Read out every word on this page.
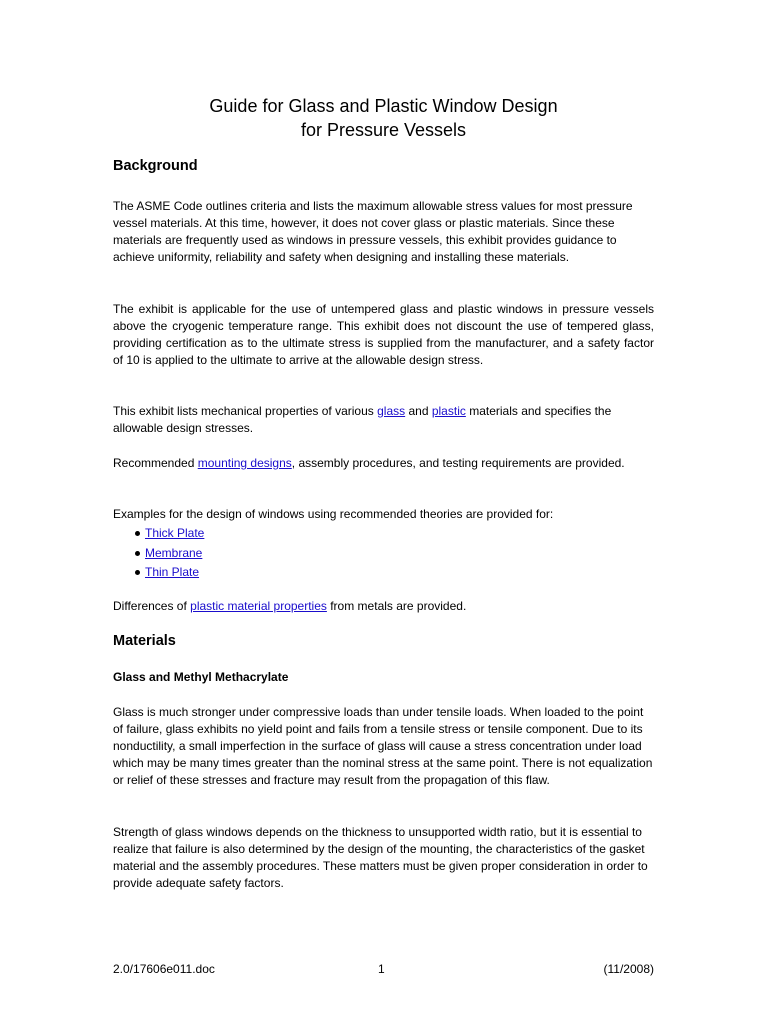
Guide for Glass and Plastic Window Design
for Pressure Vessels
Background

The ASME Code outlines criteria and lists the maximum allowable stress values for most pressure vessel materials. At this time, however, it does not cover glass or plastic materials. Since these materials are frequently used as windows in pressure vessels, this exhibit provides guidance to achieve uniformity, reliability and safety when designing and installing these materials.

The exhibit is applicable for the use of untempered glass and plastic windows in pressure vessels above the cryogenic temperature range. This exhibit does not discount the use of tempered glass, providing certification as to the ultimate stress is supplied from the manufacturer, and a safety factor of 10 is applied to the ultimate to arrive at the allowable design stress.

This exhibit lists mechanical properties of various glass and plastic materials and specifies the allowable design stresses.

Recommended mounting designs, assembly procedures, and testing requirements are provided.

Examples for the design of windows using recommended theories are provided for:

Thick Plate
Membrane
Thin Plate

Differences of plastic material properties from metals are provided.

Materials
Glass and Methyl Methacrylate

Glass is much stronger under compressive loads than under tensile loads. When loaded to the point of failure, glass exhibits no yield point and fails from a tensile stress or tensile component. Due to its nonductility, a small imperfection in the surface of glass will cause a stress concentration under load which may be many times greater than the nominal stress at the same point. There is not equalization or relief of these stresses and fracture may result from the propagation of this flaw.

Strength of glass windows depends on the thickness to unsupported width ratio, but it is essential to realize that failure is also determined by the design of the mounting, the characteristics of the gasket material and the assembly procedures. These matters must be given proper consideration in order to provide adequate safety factors.

2.0/17606e011.doc	1	(11/2008)
